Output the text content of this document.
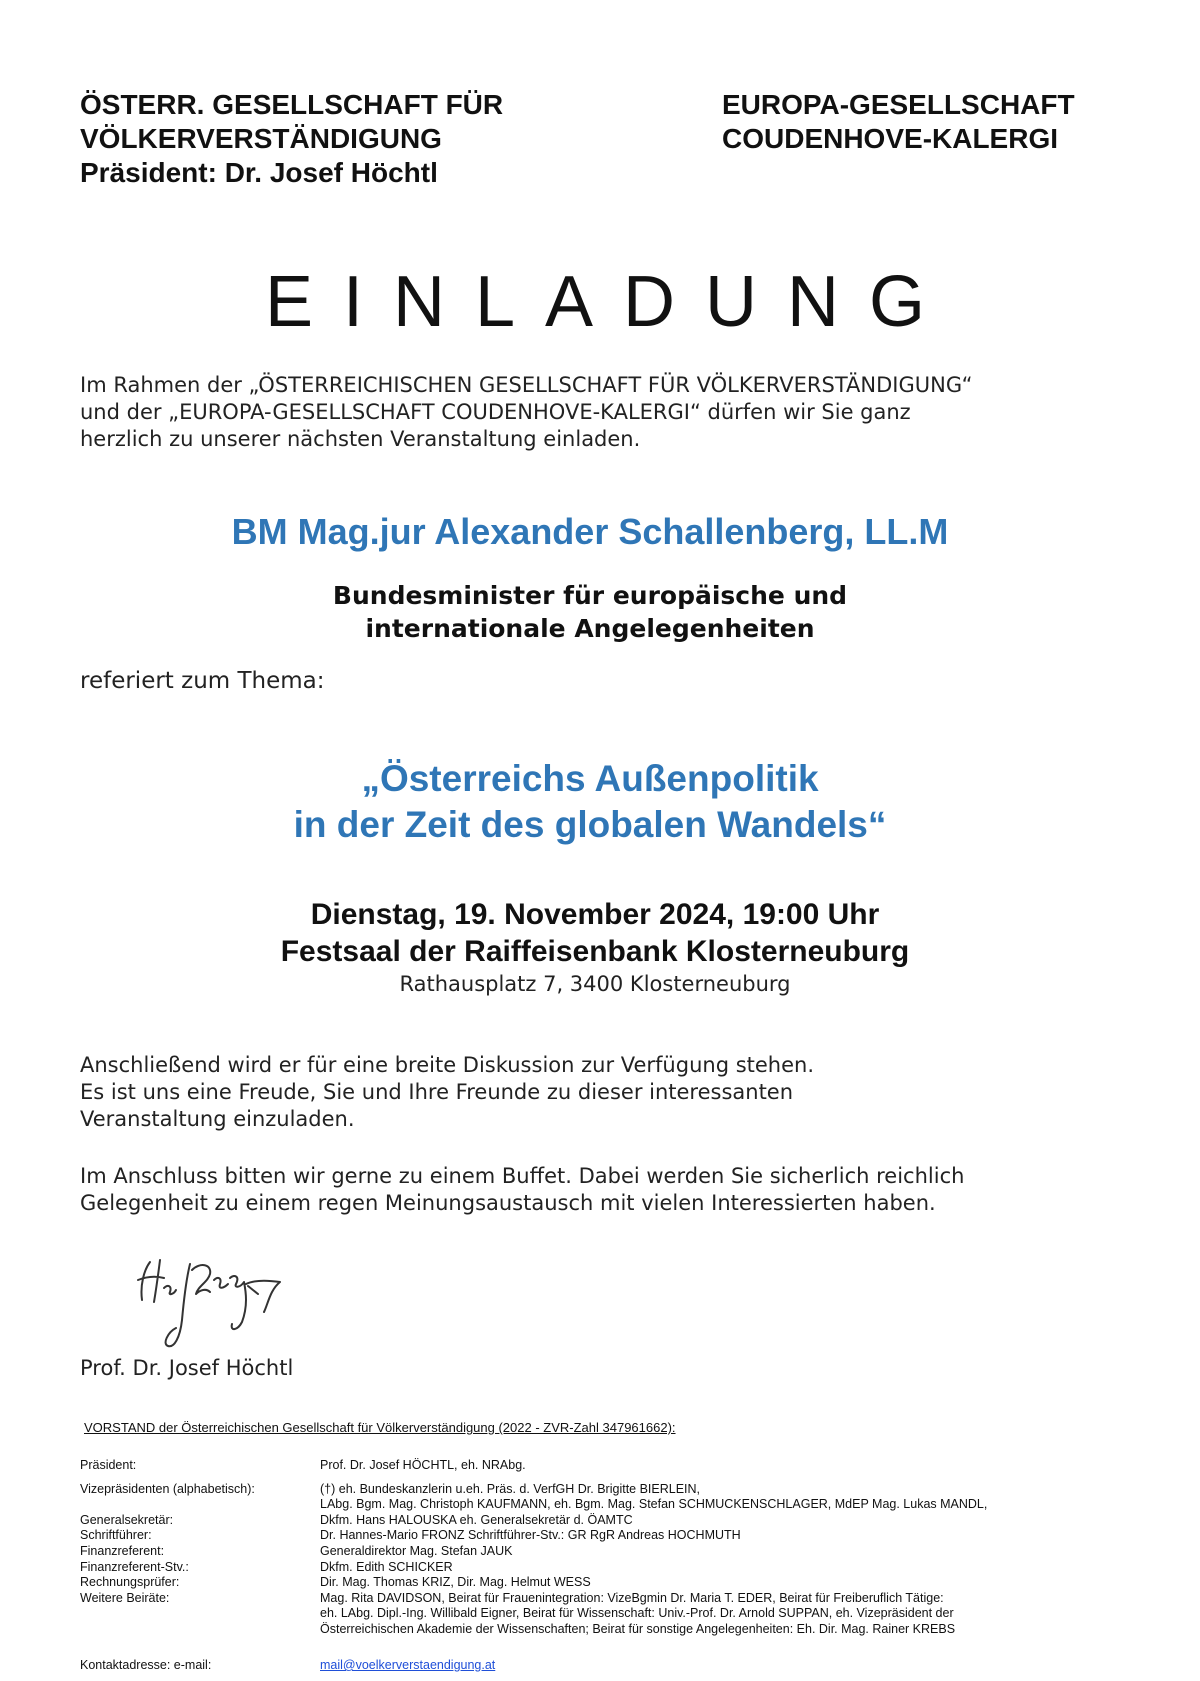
ÖSTERR. GESELLSCHAFT FÜR
VÖLKERVERSTÄNDIGUNG
Präsident: Dr. Josef Höchtl
EUROPA-GESELLSCHAFT
COUDENHOVE-KALERGI
EINLADUNG
Im Rahmen der „ÖSTERREICHISCHEN GESELLSCHAFT FÜR VÖLKERVERSTÄNDIGUNG“
und der „EUROPA-GESELLSCHAFT COUDENHOVE-KALERGI“ dürfen wir Sie ganz
herzlich zu unserer nächsten Veranstaltung einladen.
BM Mag.jur Alexander Schallenberg, LL.M
Bundesminister für europäische und
internationale Angelegenheiten
referiert zum Thema:
„Österreichs Außenpolitik
in der Zeit des globalen Wandels“
Dienstag, 19. November 2024, 19:00 Uhr
Festsaal der Raiffeisenbank Klosterneuburg
Rathausplatz 7, 3400 Klosterneuburg
Anschließend wird er für eine breite Diskussion zur Verfügung stehen.
Es ist uns eine Freude, Sie und Ihre Freunde zu dieser interessanten
Veranstaltung einzuladen.
Im Anschluss bitten wir gerne zu einem Buffet. Dabei werden Sie sicherlich reichlich
Gelegenheit zu einem regen Meinungsaustausch mit vielen Interessierten haben.
Prof. Dr. Josef Höchtl
VORSTAND der Österreichischen Gesellschaft für Völkerverständigung (2022 - ZVR-Zahl 347961662):
Präsident:	Prof. Dr. Josef HÖCHTL, eh. NRAbg.
Vizepräsidenten (alphabetisch):	(†) eh. Bundeskanzlerin u.eh. Präs. d. VerfGH Dr. Brigitte BIERLEIN,
LAbg. Bgm. Mag. Christoph KAUFMANN, eh. Bgm. Mag. Stefan SCHMUCKENSCHLAGER, MdEP Mag. Lukas MANDL,
Generalsekretär:	Dkfm. Hans HALOUSKA eh. Generalsekretär d. ÖAMTC
Schriftführer:	Dr. Hannes-Mario FRONZ Schriftführer-Stv.: GR RgR Andreas HOCHMUTH
Finanzreferent:	Generaldirektor Mag. Stefan JAUK
Finanzreferent-Stv.:	Dkfm. Edith SCHICKER
Rechnungsprüfer:	Dir. Mag. Thomas KRIZ, Dir. Mag. Helmut WESS
Weitere Beiräte:	Mag. Rita DAVIDSON, Beirat für Frauenintegration: VizeBgmin Dr. Maria T. EDER, Beirat für Freiberuflich Tätige:
eh. LAbg. Dipl.-Ing. Willibald Eigner, Beirat für Wissenschaft: Univ.-Prof. Dr. Arnold SUPPAN, eh. Vizepräsident der
Österreichischen Akademie der Wissenschaften; Beirat für sonstige Angelegenheiten: Eh. Dir. Mag. Rainer KREBS
Kontaktadresse: e-mail:	mail@voelkerverstaendigung.at
